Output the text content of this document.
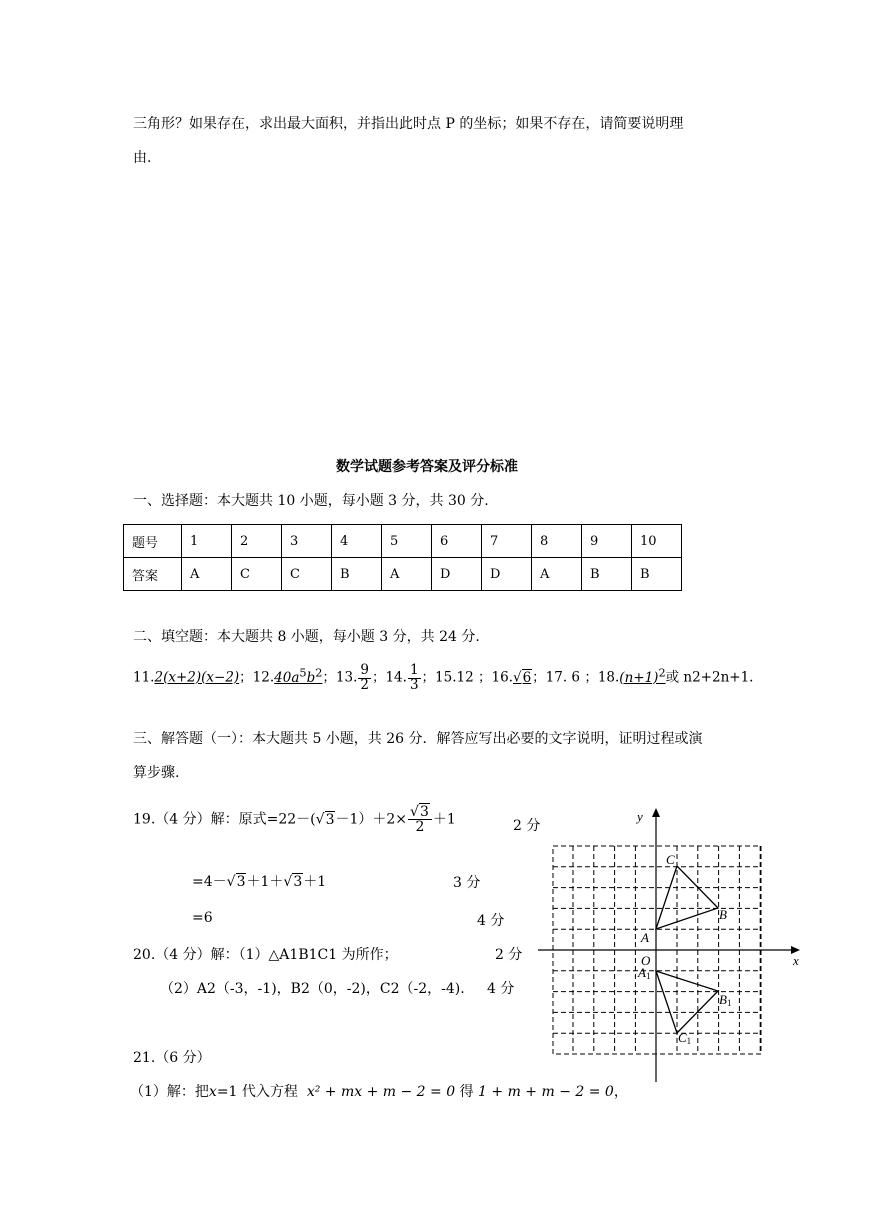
三角形？如果存在，求出最大面积，并指出此时点 P 的坐标；如果不存在，请简要说明理
由.
数学试题参考答案及评分标准
一、选择题：本大题共 10 小题，每小题 3 分，共 30 分.
题号	1	2	3	4	5	6	7	8	9	10
答案	A	C	C	B	A	D	D	A	B	B
二、填空题：本大题共 8 小题，每小题 3 分，共 24 分.
11.2(x+2)(x−2)；$12.40a^5b^2$；13. $\frac{9}{2}$ ；14. $\frac{1}{3}$ ；15.12 ；16.√6；17. 6 ；$18.(n+1)^2$或 n2+2n+1.
三、解答题（一）：本大题共 5 小题，共 26 分．解答应写出必要的文字说明，证明过程或演
算步骤.
19.（4 分）解：原式$=22-(√3-1)+2\times \frac{√3}{2} +1$	2 分
=4－√3＋1＋√3＋1	3 分
=6	4 分
20.（4 分）解：（1）△A1B1C1 为所作；	2 分
（2）A2（-3，-1)，B2（0，-2)，C2（-2，-4). 4 分
21.（6 分）
（1）解：把x=1 代入方程 x² + mx + m − 2 = 0 得 1 + m + m − 2 = 0，
x
y
O
A
B
C
A1
B1
C1
